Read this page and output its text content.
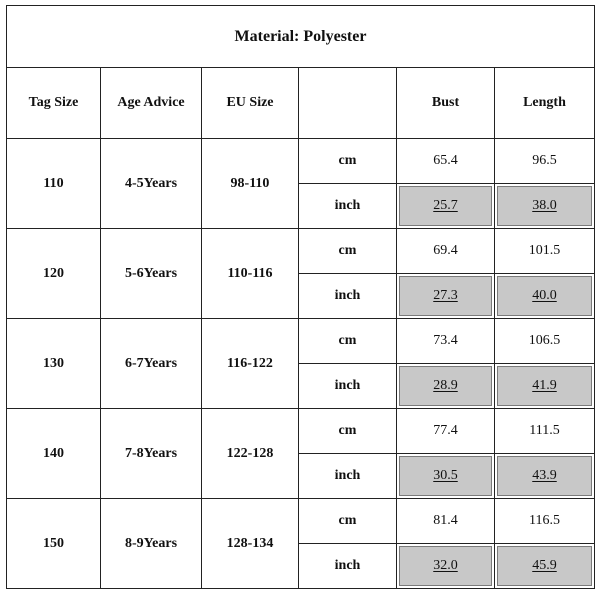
Material: Polyester					
Tag Size	Age Advice	EU Size		Bust	Length
110	4-5Years	98-110	cm	65.4	96.5
			inch	25.7	38.0
120	5-6Years	110-116	cm	69.4	101.5
			inch	27.3	40.0
130	6-7Years	116-122	cm	73.4	106.5
			inch	28.9	41.9
140	7-8Years	122-128	cm	77.4	111.5
			inch	30.5	43.9
150	8-9Years	128-134	cm	81.4	116.5
			inch	32.0	45.9
